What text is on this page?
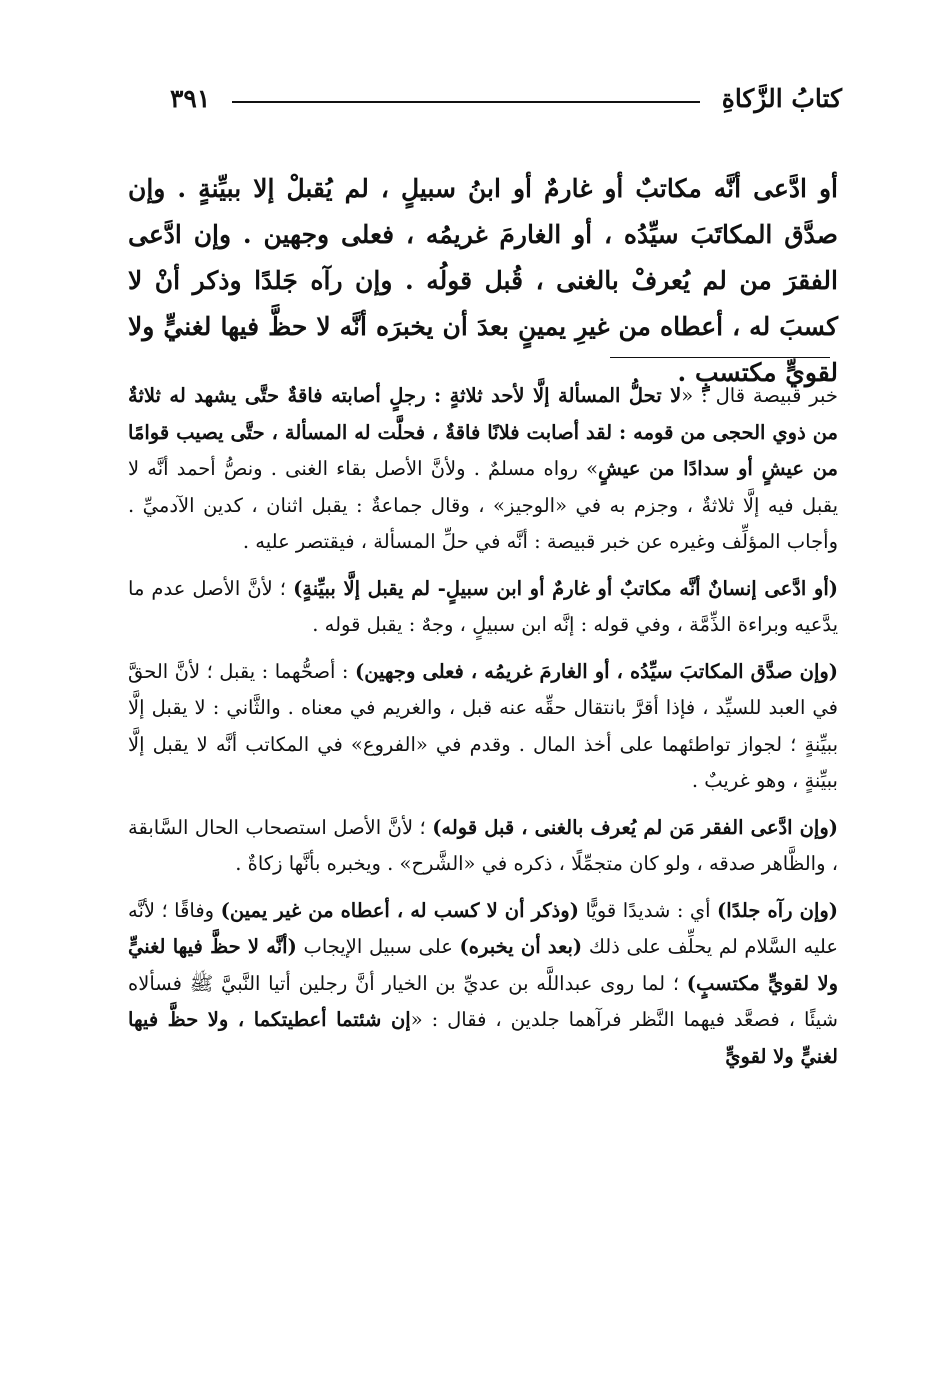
كتابُ الزَّكاةِ
٣٩١

أو ادَّعى أنَّه مكاتبٌ أو غارمٌ أو ابنُ سبيلٍ ، لم يُقبلْ إلا ببيِّنةٍ . وإن صدَّق المكاتَبَ سيِّدُه ، أو الغارمَ غريمُه ، فعلى وجهين . وإن ادَّعى الفقرَ من لم يُعرفْ بالغنى ، قُبل قولُه . وإن رآه جَلدًا وذكر أنْ لا كسبَ له ، أعطاه من غيرِ يمينٍ بعدَ أن يخبرَه أنَّه لا حظَّ فيها لغنيٍّ ولا لقويٍّ مكتسبٍ .

خبر قبيصة قال : «لا تحلُّ المسألة إلَّا لأحد ثلاثةٍ : رجلٍ أصابته فاقةٌ حتَّى يشهد له ثلاثةٌ من ذوي الحجى من قومه : لقد أصابت فلانًا فاقةٌ ، فحلَّت له المسألة ، حتَّى يصيب قوامًا من عيشٍ أو سدادًا من عيشٍ» رواه مسلمٌ . ولأنَّ الأصل بقاء الغنى . ونصُّ أحمد أنَّه لا يقبل فيه إلَّا ثلاثةٌ ، وجزم به في «الوجيز» ، وقال جماعةٌ : يقبل اثنان ، كدين الآدميِّ . وأجاب المؤلِّف وغيره عن خبر قبيصة : أنَّه في حلِّ المسألة ، فيقتصر عليه .

(أو ادَّعى إنسانٌ أنَّه مكاتبٌ أو غارمٌ أو ابن سبيلٍ- لم يقبل إلَّا ببيِّنةٍ) ؛ لأنَّ الأصل عدم ما يدَّعيه وبراءة الذِّمَّة ، وفي قوله : إنَّه ابن سبيلٍ ، وجهٌ : يقبل قوله .

(وإن صدَّق المكاتبَ سيِّدُه ، أو الغارمَ غريمُه ، فعلى وجهين) : أصحُّهما : يقبل ؛ لأنَّ الحقَّ في العبد للسيِّد ، فإذا أقرَّ بانتقال حقِّه عنه قبل ، والغريم في معناه . والثَّاني : لا يقبل إلَّا ببيِّنةٍ ؛ لجواز تواطئهما على أخذ المال . وقدم في «الفروع» في المكاتب أنَّه لا يقبل إلَّا ببيِّنةٍ ، وهو غريبٌ .

(وإن ادَّعى الفقر مَن لم يُعرف بالغنى ، قبل قوله) ؛ لأنَّ الأصل استصحاب الحال السَّابقة ، والظَّاهر صدقه ، ولو كان متجمِّلًا ، ذكره في «الشَّرح» . ويخبره بأنَّها زكاةٌ .

(وإن رآه جلدًا) أي : شديدًا قويًّا (وذكر أن لا كسب له ، أعطاه من غير يمين) وفاقًا ؛ لأنَّه عليه السَّلام لم يحلِّف على ذلك (بعد أن يخبره) على سبيل الإيجاب (أنَّه لا حظَّ فيها لغنيٍّ ولا لقويٍّ مكتسبٍ) ؛ لما روى عبداللَّه بن عديِّ بن الخيار أنَّ رجلين أتيا النَّبيَّ ﷺ فسألاه شيئًا ، فصعَّد فيهما النَّظر فرآهما جلدين ، فقال : «إن شئتما أعطيتكما ، ولا حظَّ فيها لغنيٍّ ولا لقويٍّ
